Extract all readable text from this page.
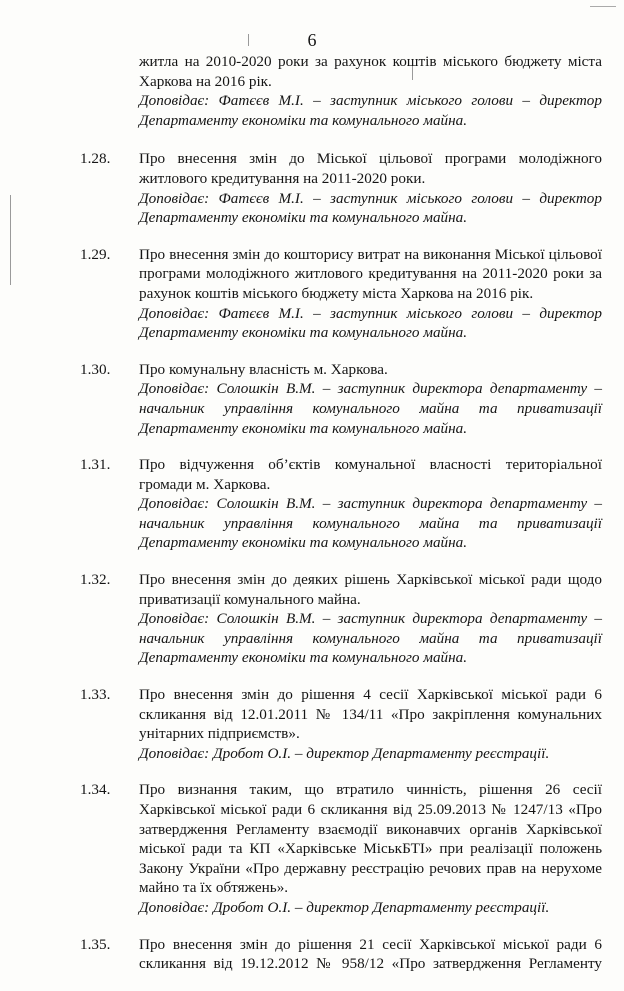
6
житла на 2010-2020 роки за рахунок коштів міського бюджету міста Харкова на 2016 рік.
Доповідає: Фатєєв М.І. – заступник міського голови – директор Департаменту економіки та комунального майна.
1.28. Про внесення змін до Міської цільової програми молодіжного житлового кредитування на 2011-2020 роки.
Доповідає: Фатєєв М.І. – заступник міського голови – директор Департаменту економіки та комунального майна.
1.29. Про внесення змін до кошторису витрат на виконання Міської цільової програми молодіжного житлового кредитування на 2011-2020 роки за рахунок коштів міського бюджету міста Харкова на 2016 рік.
Доповідає: Фатєєв М.І. – заступник міського голови – директор Департаменту економіки та комунального майна.
1.30. Про комунальну власність м. Харкова.
Доповідає: Солошкін В.М. – заступник директора департаменту – начальник управління комунального майна та приватизації Департаменту економіки та комунального майна.
1.31. Про відчуження об’єктів комунальної власності територіальної громади м. Харкова.
Доповідає: Солошкін В.М. – заступник директора департаменту – начальник управління комунального майна та приватизації Департаменту економіки та комунального майна.
1.32. Про внесення змін до деяких рішень Харківської міської ради щодо приватизації комунального майна.
Доповідає: Солошкін В.М. – заступник директора департаменту – начальник управління комунального майна та приватизації Департаменту економіки та комунального майна.
1.33. Про внесення змін до рішення 4 сесії Харківської міської ради 6 скликання від 12.01.2011 № 134/11 «Про закріплення комунальних унітарних підприємств».
Доповідає: Дробот О.І. – директор Департаменту реєстрації.
1.34. Про визнання таким, що втратило чинність, рішення 26 сесії Харківської міської ради 6 скликання від 25.09.2013 № 1247/13 «Про затвердження Регламенту взаємодії виконавчих органів Харківської міської ради та КП «Харківське МіськБТІ» при реалізації положень Закону України «Про державну реєстрацію речових прав на нерухоме майно та їх обтяжень».
Доповідає: Дробот О.І. – директор Департаменту реєстрації.
1.35. Про внесення змін до рішення 21 сесії Харківської міської ради 6 скликання від 19.12.2012 № 958/12 «Про затвердження Регламенту
